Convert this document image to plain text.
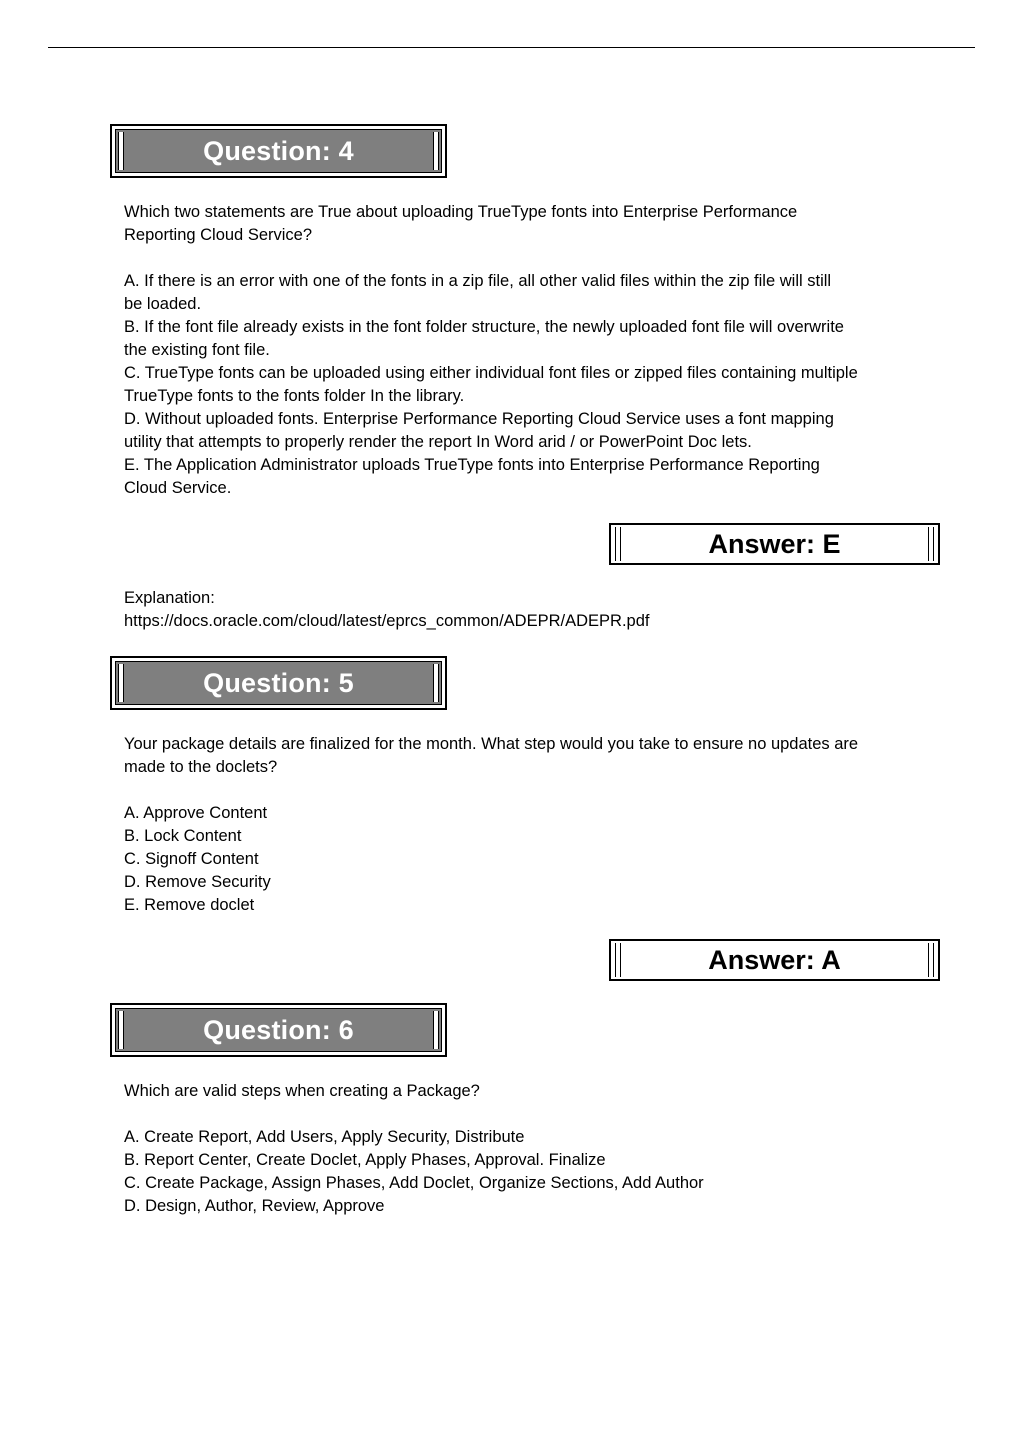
Question: 4

Which two statements are True about uploading TrueType fonts into Enterprise Performance

Reporting Cloud Service?

A. If there is an error with one of the fonts in a zip file, all other valid files within the zip file will still

be loaded.

B. If the font file already exists in the font folder structure, the newly uploaded font file will overwrite

the existing font file.

C. TrueType fonts can be uploaded using either individual font files or zipped files containing multiple

TrueType fonts to the fonts folder In the library.

D. Without uploaded fonts. Enterprise Performance Reporting Cloud Service uses a font mapping

utility that attempts to properly render the report In Word arid / or PowerPoint Doc lets.

E. The Application Administrator uploads TrueType fonts into Enterprise Performance Reporting

Cloud Service.

Answer: E

Explanation:

https://docs.oracle.com/cloud/latest/eprcs_common/ADEPR/ADEPR.pdf

Question: 5

Your package details are finalized for the month. What step would you take to ensure no updates are

made to the doclets?

A. Approve Content

B. Lock Content

C. Signoff Content

D. Remove Security

E. Remove doclet

Answer: A
Question: 6

Which are valid steps when creating a Package?

A. Create Report, Add Users, Apply Security, Distribute

B. Report Center, Create Doclet, Apply Phases, Approval. Finalize

C. Create Package, Assign Phases, Add Doclet, Organize Sections, Add Author

D. Design, Author, Review, Approve
